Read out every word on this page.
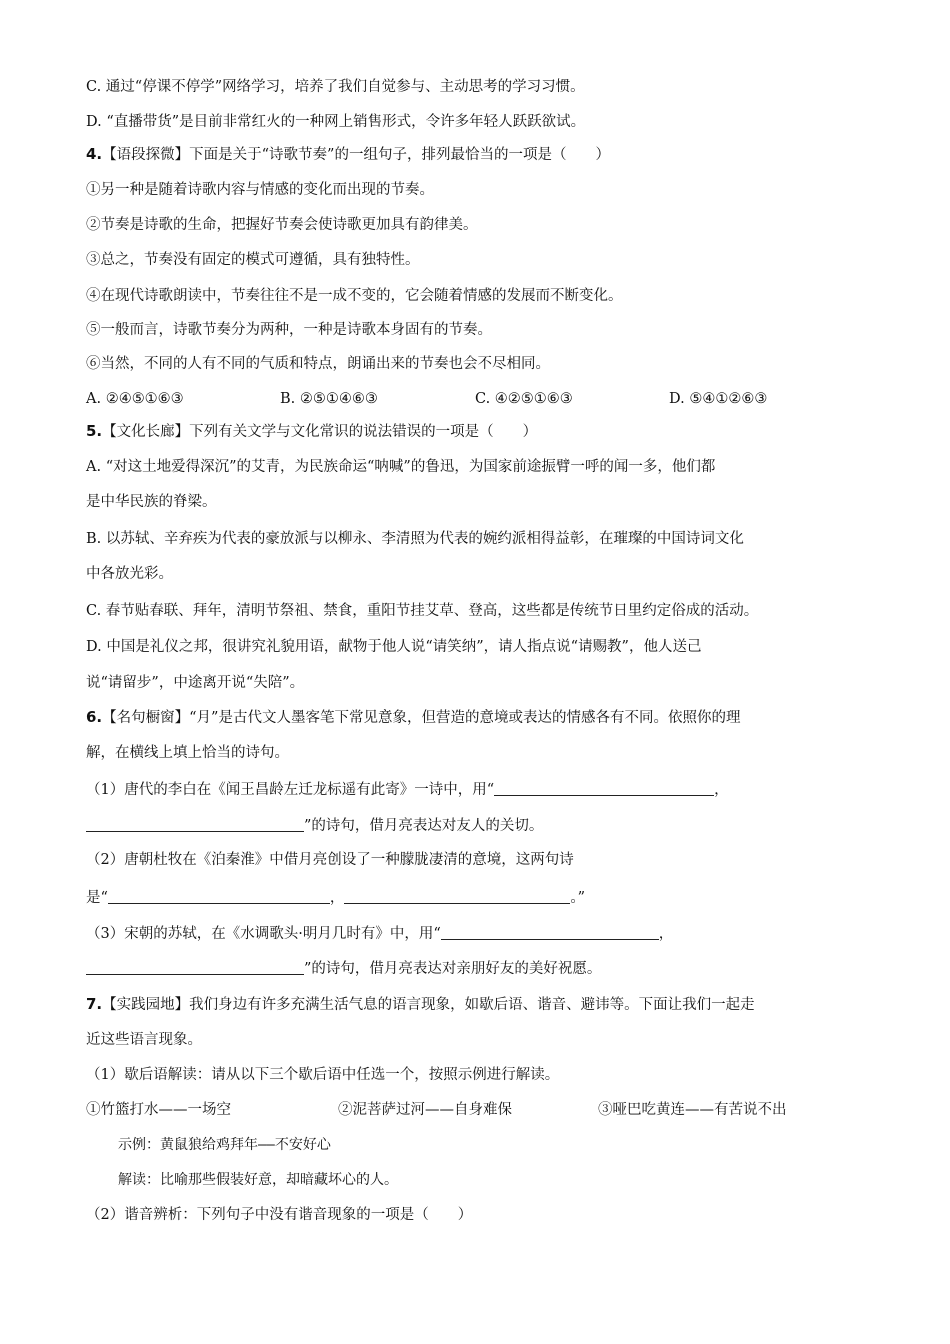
C. 通过“停课不停学”网络学习，培养了我们自觉参与、主动思考的学习习惯。
D. “直播带货”是目前非常红火的一种网上销售形式，令许多年轻人跃跃欲试。
4.【语段探微】下面是关于“诗歌节奏”的一组句子，排列最恰当的一项是（　　）
①另一种是随着诗歌内容与情感的变化而出现的节奏。
②节奏是诗歌的生命，把握好节奏会使诗歌更加具有韵律美。
③总之，节奏没有固定的模式可遵循，具有独特性。
④在现代诗歌朗读中，节奏往往不是一成不变的，它会随着情感的发展而不断变化。
⑤一般而言，诗歌节奏分为两种，一种是诗歌本身固有的节奏。
⑥当然，不同的人有不同的气质和特点，朗诵出来的节奏也会不尽相同。
A. ②④⑤①⑥③	B. ②⑤①④⑥③	C. ④②⑤①⑥③	D. ⑤④①②⑥③
5.【文化长廊】下列有关文学与文化常识的说法错误的一项是（　　）
A. “对这土地爱得深沉”的艾青，为民族命运“呐喊”的鲁迅，为国家前途振臂一呼的闻一多，他们都
是中华民族的脊梁。
B. 以苏轼、辛弃疾为代表的豪放派与以柳永、李清照为代表的婉约派相得益彰，在璀璨的中国诗词文化
中各放光彩。
C. 春节贴春联、拜年，清明节祭祖、禁食，重阳节挂艾草、登高，这些都是传统节日里约定俗成的活动。
D. 中国是礼仪之邦，很讲究礼貌用语，献物于他人说“请笑纳”，请人指点说“请赐教”，他人送己
说“请留步”，中途离开说“失陪”。
6.【名句橱窗】“月”是古代文人墨客笔下常见意象，但营造的意境或表达的情感各有不同。依照你的理
解，在横线上填上恰当的诗句。
（1）唐代的李白在《闻王昌龄左迁龙标遥有此寄》一诗中，用“	，
”的诗句，借月亮表达对友人的关切。
（2）唐朝杜牧在《泊秦淮》中借月亮创设了一种朦胧凄清的意境，这两句诗
是“	，	。”
（3）宋朝的苏轼，在《水调歌头·明月几时有》中，用“	，
”的诗句，借月亮表达对亲朋好友的美好祝愿。
7.【实践园地】我们身边有许多充满生活气息的语言现象，如歇后语、谐音、避讳等。下面让我们一起走
近这些语言现象。
（1）歇后语解读：请从以下三个歇后语中任选一个，按照示例进行解读。
①竹篮打水——一场空	②泥菩萨过河——自身难保	③哑巴吃黄连——有苦说不出
示例：黄鼠狼给鸡拜年——不安好心
解读：比喻那些假装好意，却暗藏坏心的人。
（2）谐音辨析：下列句子中没有谐音现象的一项是（　　）
